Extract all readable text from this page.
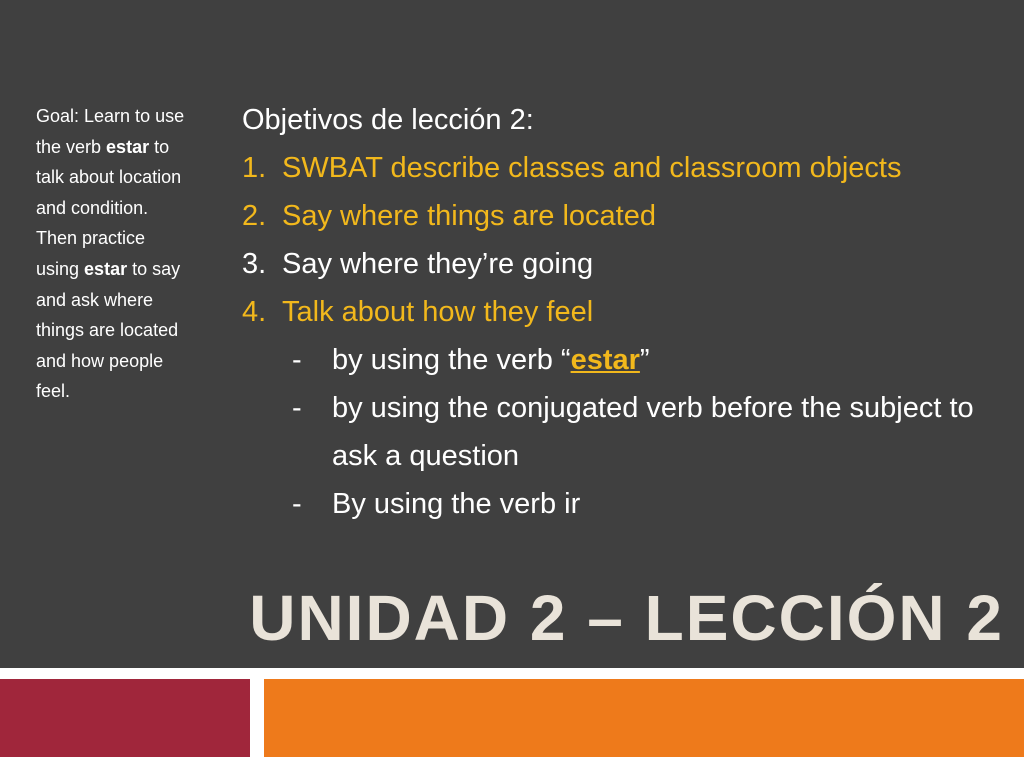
Goal: Learn to use the verb estar to talk about location and condition. Then practice using estar to say and ask where things are located and how people feel.
Objetivos de lección 2:
1. SWBAT describe classes and classroom objects
2. Say where things are located
3. Say where they’re going
4. Talk about how they feel
- by using the verb “estar”
- by using the conjugated verb before the subject to ask a question
- By using the verb ir
UNIDAD 2 – LECCIÓN 2
